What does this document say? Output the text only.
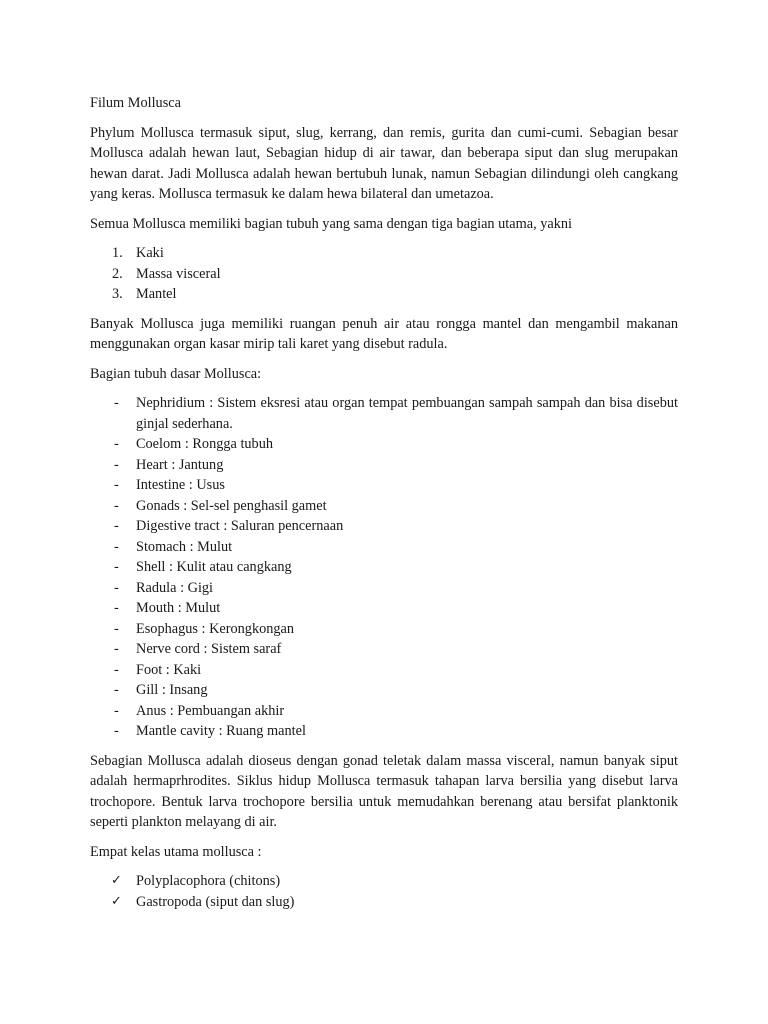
Filum Mollusca

Phylum Mollusca termasuk siput, slug, kerrang, dan remis, gurita dan cumi-cumi. Sebagian besar Mollusca adalah hewan laut, Sebagian hidup di air tawar, dan beberapa siput dan slug merupakan hewan darat. Jadi Mollusca adalah hewan bertubuh lunak, namun Sebagian dilindungi oleh cangkang yang keras. Mollusca termasuk ke dalam hewa bilateral dan umetazoa.

Semua Mollusca memiliki bagian tubuh yang sama dengan tiga bagian utama, yakni

1. Kaki
2. Massa visceral
3. Mantel

Banyak Mollusca juga memiliki ruangan penuh air atau rongga mantel dan mengambil makanan menggunakan organ kasar mirip tali karet yang disebut radula.

Bagian tubuh dasar Mollusca:

- Nephridium : Sistem eksresi atau organ tempat pembuangan sampah sampah dan bisa disebut ginjal sederhana.
- Coelom : Rongga tubuh
- Heart : Jantung
- Intestine : Usus
- Gonads : Sel-sel penghasil gamet
- Digestive tract : Saluran pencernaan
- Stomach : Mulut
- Shell : Kulit atau cangkang
- Radula : Gigi
- Mouth : Mulut
- Esophagus : Kerongkongan
- Nerve cord : Sistem saraf
- Foot : Kaki
- Gill : Insang
- Anus : Pembuangan akhir
- Mantle cavity : Ruang mantel

Sebagian Mollusca adalah dioseus dengan gonad teletak dalam massa visceral, namun banyak siput adalah hermaprhrodites. Siklus hidup Mollusca termasuk tahapan larva bersilia yang disebut larva trochopore. Bentuk larva trochopore bersilia untuk memudahkan berenang atau bersifat planktonik seperti plankton melayang di air.

Empat kelas utama mollusca :

✓ Polyplacophora (chitons)
✓ Gastropoda (siput dan slug)
